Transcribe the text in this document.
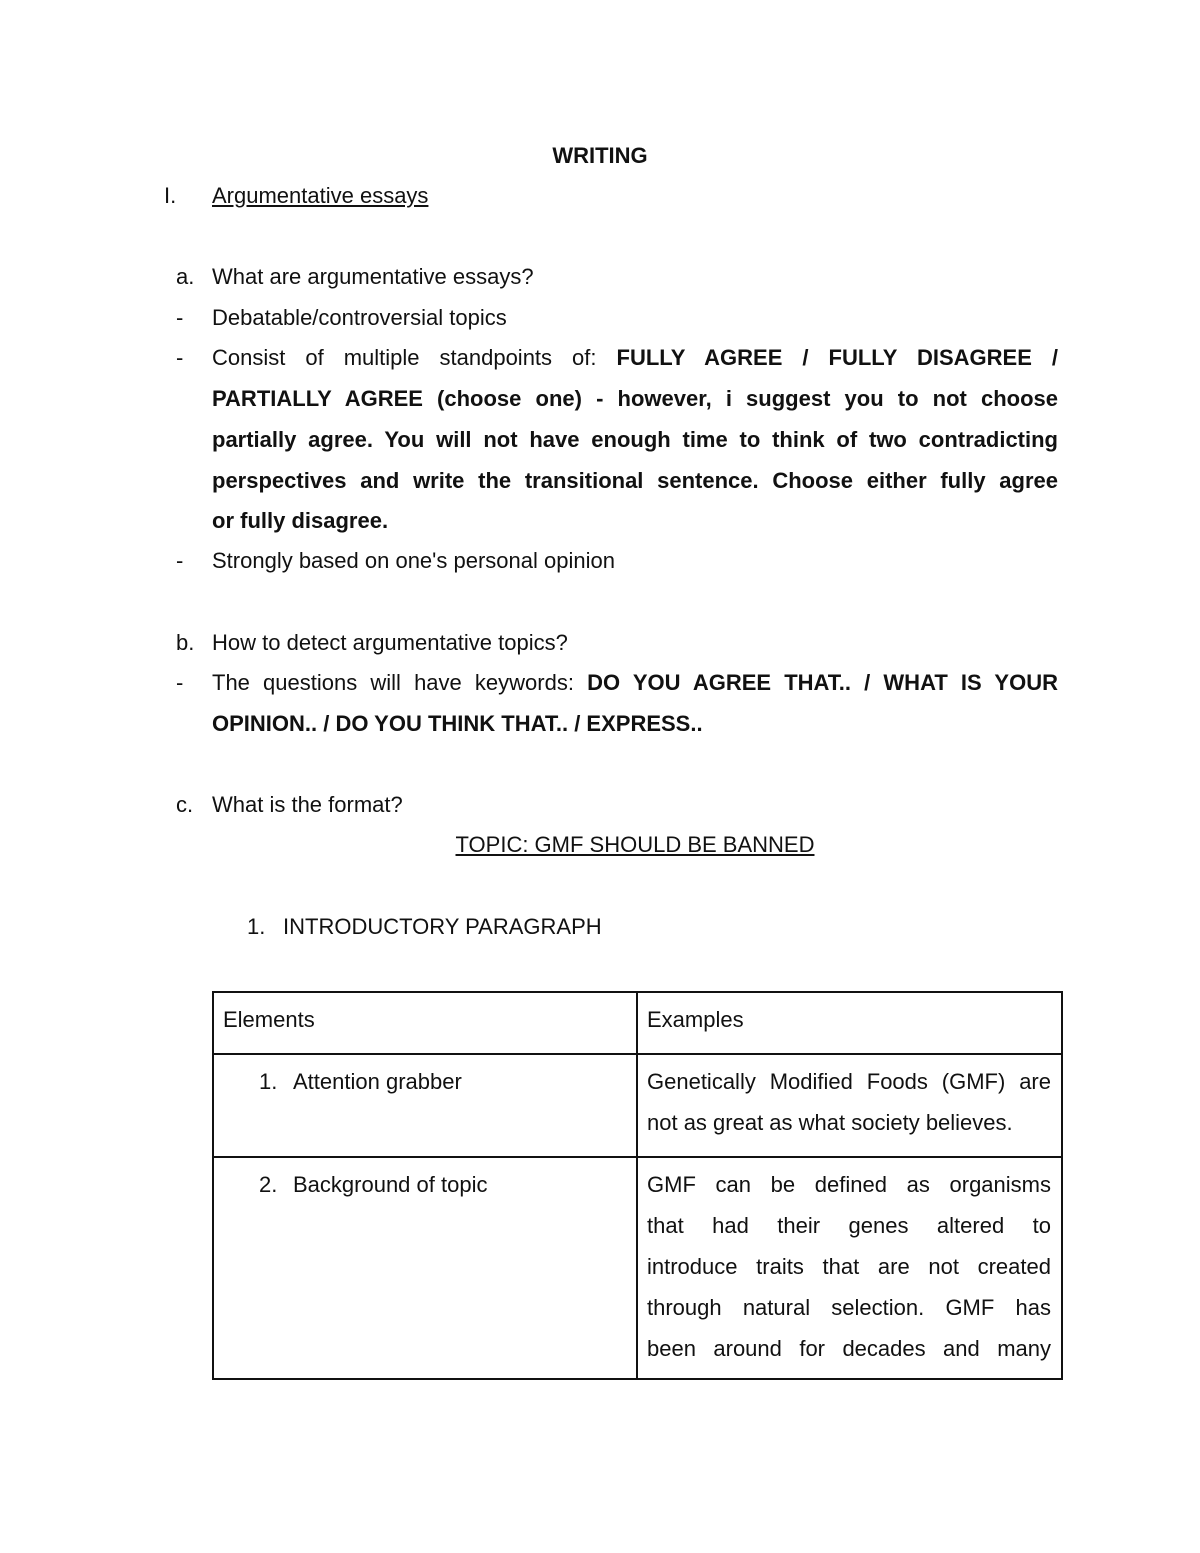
WRITING
I. Argumentative essays
a. What are argumentative essays?
- Debatable/controversial topics
- Consist of multiple standpoints of: FULLY AGREE / FULLY DISAGREE /
PARTIALLY AGREE (choose one) - however, i suggest you to not choose
partially agree. You will not have enough time to think of two contradicting
perspectives and write the transitional sentence. Choose either fully agree
or fully disagree.
- Strongly based on one's personal opinion
b. How to detect argumentative topics?
- The questions will have keywords: DO YOU AGREE THAT.. / WHAT IS YOUR
OPINION.. / DO YOU THINK THAT.. / EXPRESS..
c. What is the format?
TOPIC: GMF SHOULD BE BANNED
1. INTRODUCTORY PARAGRAPH
Elements	Examples

1. Attention grabber	Genetically Modified Foods (GMF) are
not as great as what society believes.

2. Background of topic	GMF can be defined as organisms
that had their genes altered to
introduce traits that are not created
through natural selection. GMF has
been around for decades and many
